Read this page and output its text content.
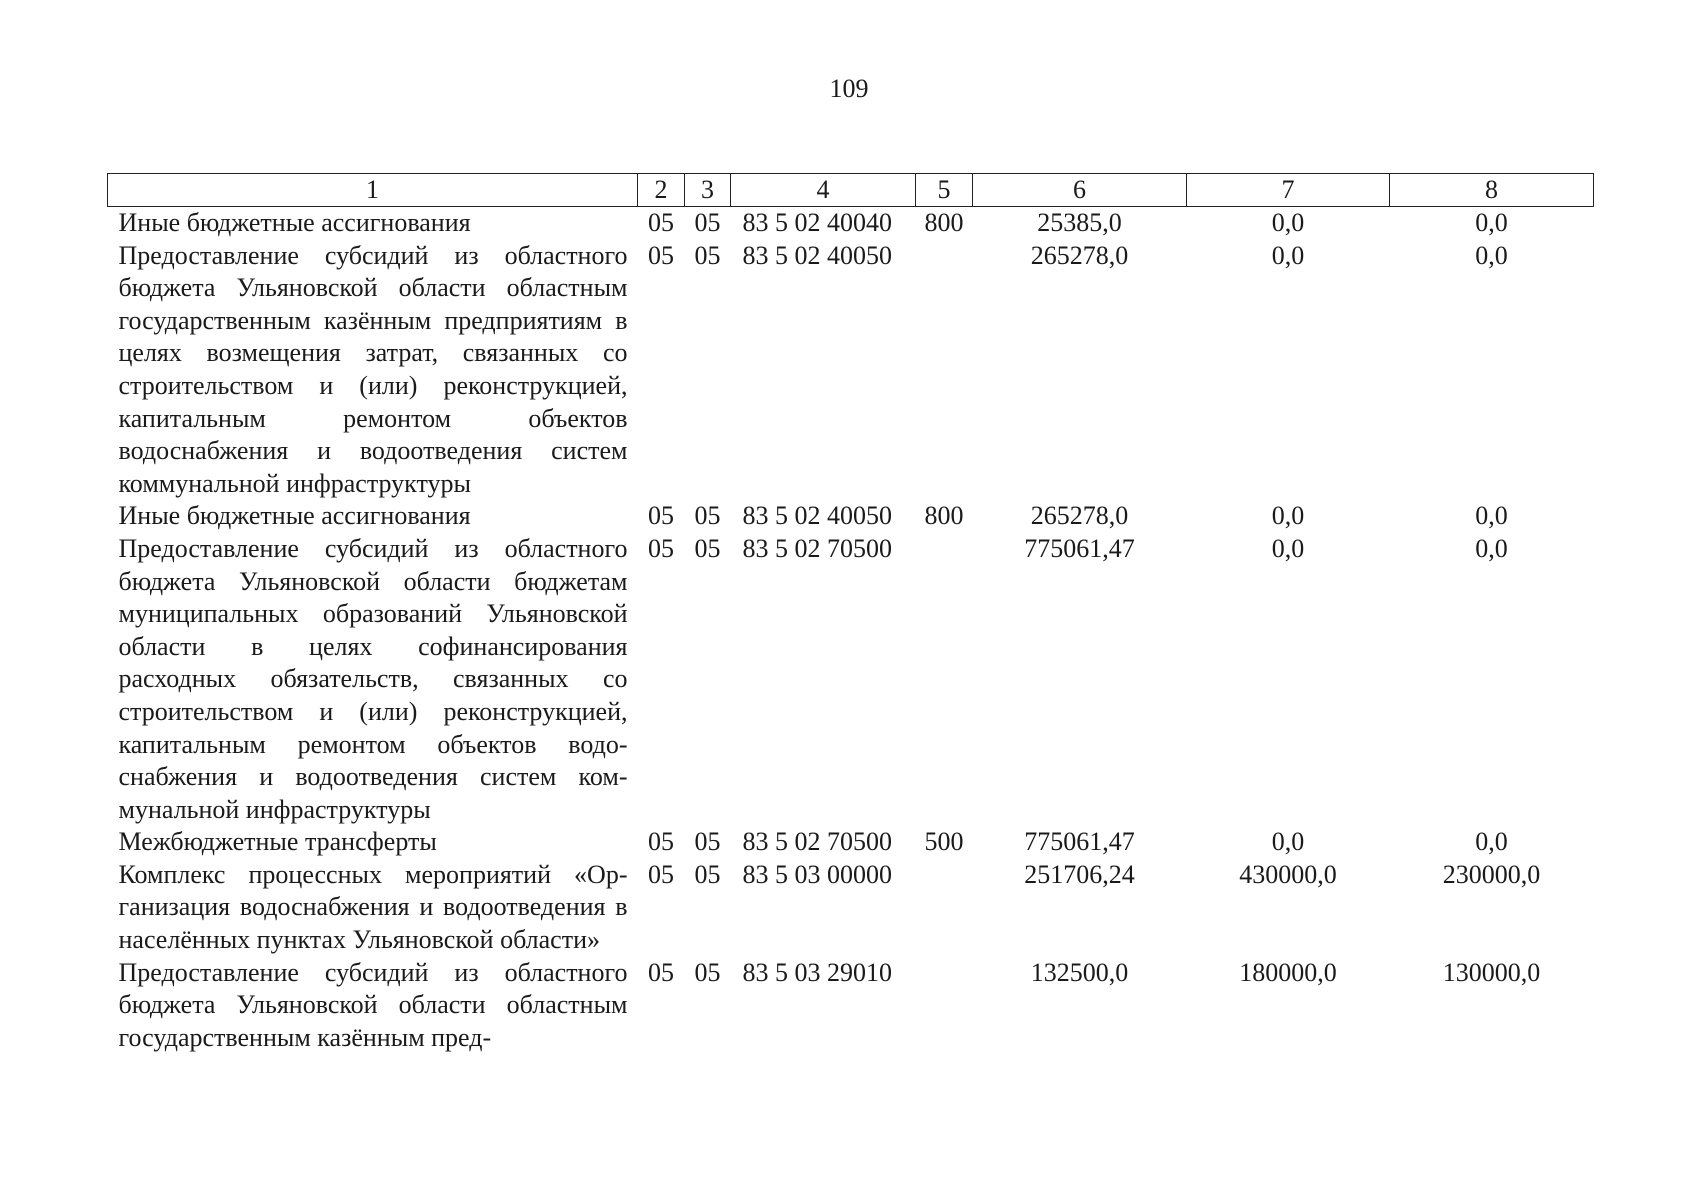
109
1	2	3	4	5	6	7	8
Иные бюджетные ассигнования	05	05	83 5 02 40040	800	25385,0	0,0	0,0
Предоставление субсидий из областного бюджета Ульяновской области областным государственным казённым предприятиям в целях возмещения затрат, связанных со строительством и (или) реконструкцией, капитальным ремонтом объектов водоснабжения и водоотведения систем коммунальной инфраструктуры	05	05	83 5 02 40050		265278,0	0,0	0,0
Иные бюджетные ассигнования	05	05	83 5 02 40050	800	265278,0	0,0	0,0
Предоставление субсидий из областного бюджета Ульяновской области бюджетам муниципальных образований Ульяновской области в целях софинансирования расходных обязательств, связанных со строительством и (или) реконструкцией, капитальным ремонтом объектов водоснабжения и водоотведения систем коммунальной инфраструктуры	05	05	83 5 02 70500		775061,47	0,0	0,0
Межбюджетные трансферты	05	05	83 5 02 70500	500	775061,47	0,0	0,0
Комплекс процессных мероприятий «Организация водоснабжения и водоотведения в населённых пунктах Ульяновской области»	05	05	83 5 03 00000		251706,24	430000,0	230000,0
Предоставление субсидий из областного бюджета Ульяновской области областным государственным казённым пред-	05	05	83 5 03 29010		132500,0	180000,0	130000,0
